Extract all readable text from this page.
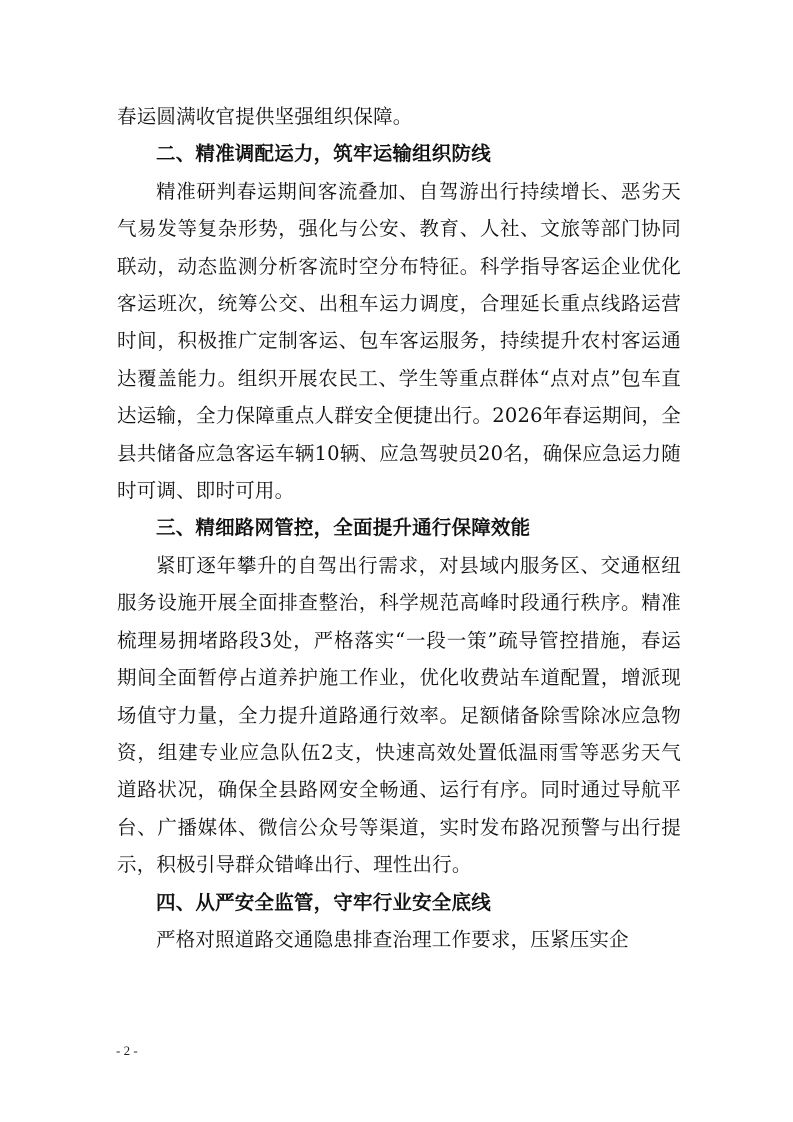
春运圆满收官提供坚强组织保障。

二、精准调配运力，筑牢运输组织防线

精准研判春运期间客流叠加、自驾游出行持续增长、恶劣天气易发等复杂形势，强化与公安、教育、人社、文旅等部门协同联动，动态监测分析客流时空分布特征。科学指导客运企业优化客运班次，统筹公交、出租车运力调度，合理延长重点线路运营时间，积极推广定制客运、包车客运服务，持续提升农村客运通达覆盖能力。组织开展农民工、学生等重点群体“点对点”包车直达运输，全力保障重点人群安全便捷出行。2026年春运期间，全县共储备应急客运车辆10辆、应急驾驶员20名，确保应急运力随时可调、即时可用。

三、精细路网管控，全面提升通行保障效能

紧盯逐年攀升的自驾出行需求，对县域内服务区、交通枢纽服务设施开展全面排查整治，科学规范高峰时段通行秩序。精准梳理易拥堵路段3处，严格落实“一段一策”疏导管控措施，春运期间全面暂停占道养护施工作业，优化收费站车道配置，增派现场值守力量，全力提升道路通行效率。足额储备除雪除冰应急物资，组建专业应急队伍2支，快速高效处置低温雨雪等恶劣天气道路状况，确保全县路网安全畅通、运行有序。同时通过导航平台、广播媒体、微信公众号等渠道，实时发布路况预警与出行提示，积极引导群众错峰出行、理性出行。

四、从严安全监管，守牢行业安全底线

严格对照道路交通隐患排查治理工作要求，压紧压实企

- 2 -
